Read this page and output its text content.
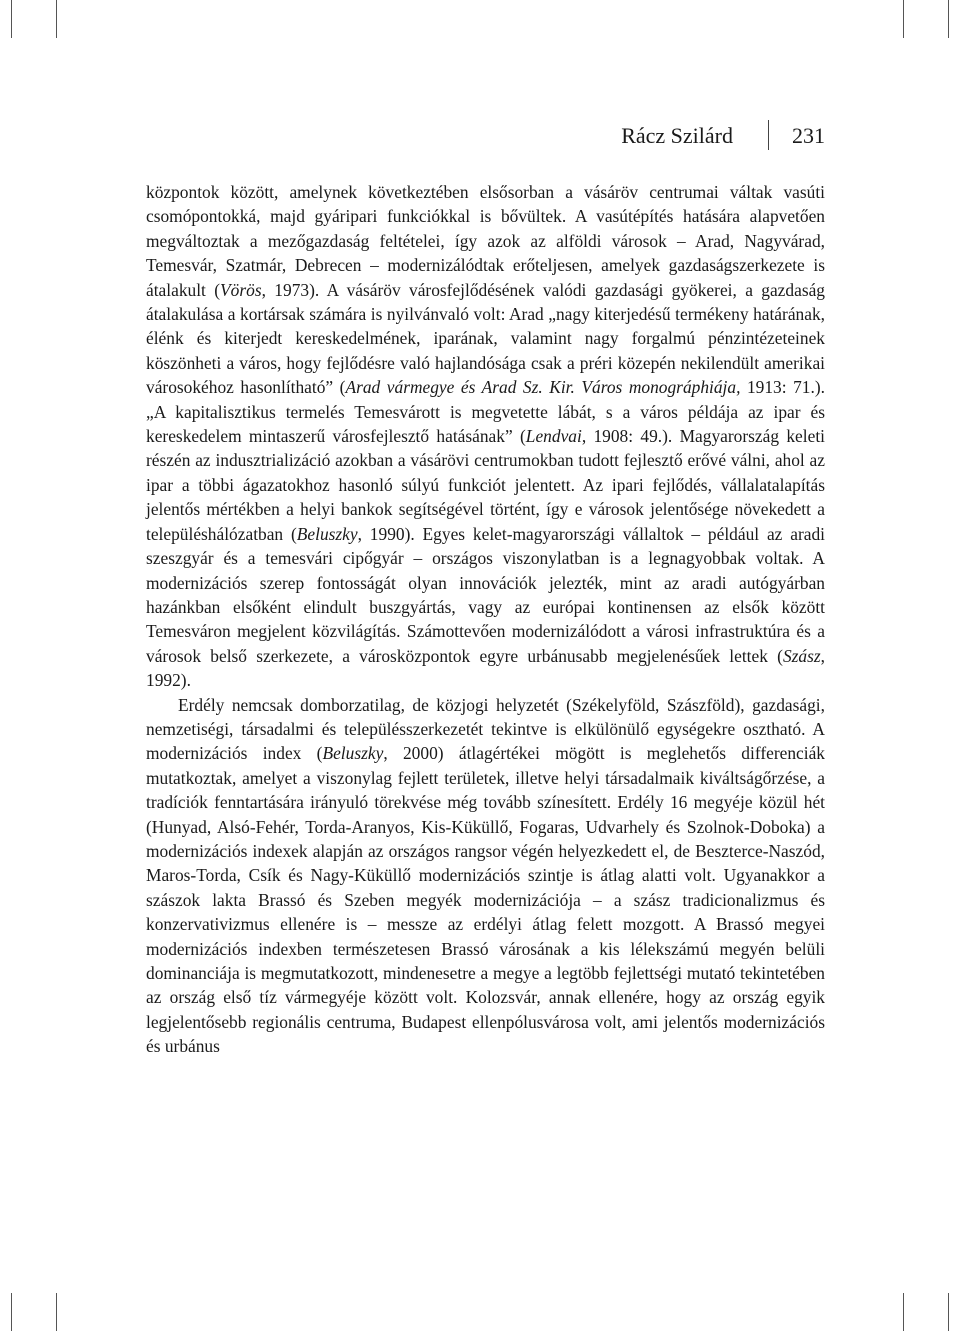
Rácz Szilárd	231

központok között, amelynek következtében elsősorban a vásáröv centrumai váltak vasúti csomópontokká, majd gyáripari funkciókkal is bővültek. A vasútépítés hatására alapvetően megváltoztak a mezőgazdaság feltételei, így azok az alföldi városok – Arad, Nagyvárad, Temesvár, Szatmár, Debrecen – modernizálódtak erőteljesen, amelyek gazdaságszerkezete is átalakult (Vörös, 1973). A vásáröv városfejlődésének valódi gazdasági gyökerei, a gazdaság átalakulása a kortársak számára is nyilvánvaló volt: Arad „nagy kiterjedésű termékeny határának, élénk és kiterjedt kereskedelmének, iparának, valamint nagy forgalmú pénzintézeteinek köszönheti a város, hogy fejlődésre való hajlandósága csak a préri közepén nekilendült amerikai városokéhoz hasonlítható” (Arad vármegye és Arad Sz. Kir. Város monográphiája, 1913: 71.). „A kapitalisztikus termelés Temesvárott is megvetette lábát, s a város példája az ipar és kereskedelem mintaszerű városfejlesztő hatásának” (Lendvai, 1908: 49.). Magyarország keleti részén az indusztrializáció azokban a vásárövi centrumokban tudott fejlesztő erővé válni, ahol az ipar a többi ágazatokhoz hasonló súlyú funkciót jelentett. Az ipari fejlődés, vállalatalapítás jelentős mértékben a helyi bankok segítségével történt, így e városok jelentősége növekedett a településhálózatban (Beluszky, 1990). Egyes kelet-magyarországi vállaltok – például az aradi szeszgyár és a temesvári cipőgyár – országos viszonylatban is a legnagyobbak voltak. A modernizációs szerep fontosságát olyan innovációk jelezték, mint az aradi autógyárban hazánkban elsőként elindult buszgyártás, vagy az európai kontinensen az elsők között Temesváron megjelent közvilágítás. Számottevően modernizálódott a városi infrastruktúra és a városok belső szerkezete, a városközpontok egyre urbánusabb megjelenésűek lettek (Szász, 1992).

Erdély nemcsak domborzatilag, de közjogi helyzetét (Székelyföld, Szászföld), gazdasági, nemzetiségi, társadalmi és településszerkezetét tekintve is elkülönülő egységekre osztható. A modernizációs index (Beluszky, 2000) átlagértékei mögött is meglehetős differenciák mutatkoztak, amelyet a viszonylag fejlett területek, illetve helyi társadalmaik kiváltságőrzése, a tradíciók fenntartására irányuló törekvése még tovább színesített. Erdély 16 megyéje közül hét (Hunyad, Alsó-Fehér, Torda-Aranyos, Kis-Küküllő, Fogaras, Udvarhely és Szolnok-Doboka) a modernizációs indexek alapján az országos rangsor végén helyezkedett el, de Beszterce-Naszód, Maros-Torda, Csík és Nagy-Küküllő modernizációs szintje is átlag alatti volt. Ugyanakkor a szászok lakta Brassó és Szeben megyék modernizációja – a szász tradicionalizmus és konzervativizmus ellenére is – messze az erdélyi átlag felett mozgott. A Brassó megyei modernizációs indexben természetesen Brassó városának a kis lélekszámú megyén belüli dominanciája is megmutatkozott, mindenesetre a megye a legtöbb fejlettségi mutató tekintetében az ország első tíz vármegyéje között volt. Kolozsvár, annak ellenére, hogy az ország egyik legjelentősebb regionális centruma, Budapest ellenpólusvárosa volt, ami jelentős modernizációs és urbánus
